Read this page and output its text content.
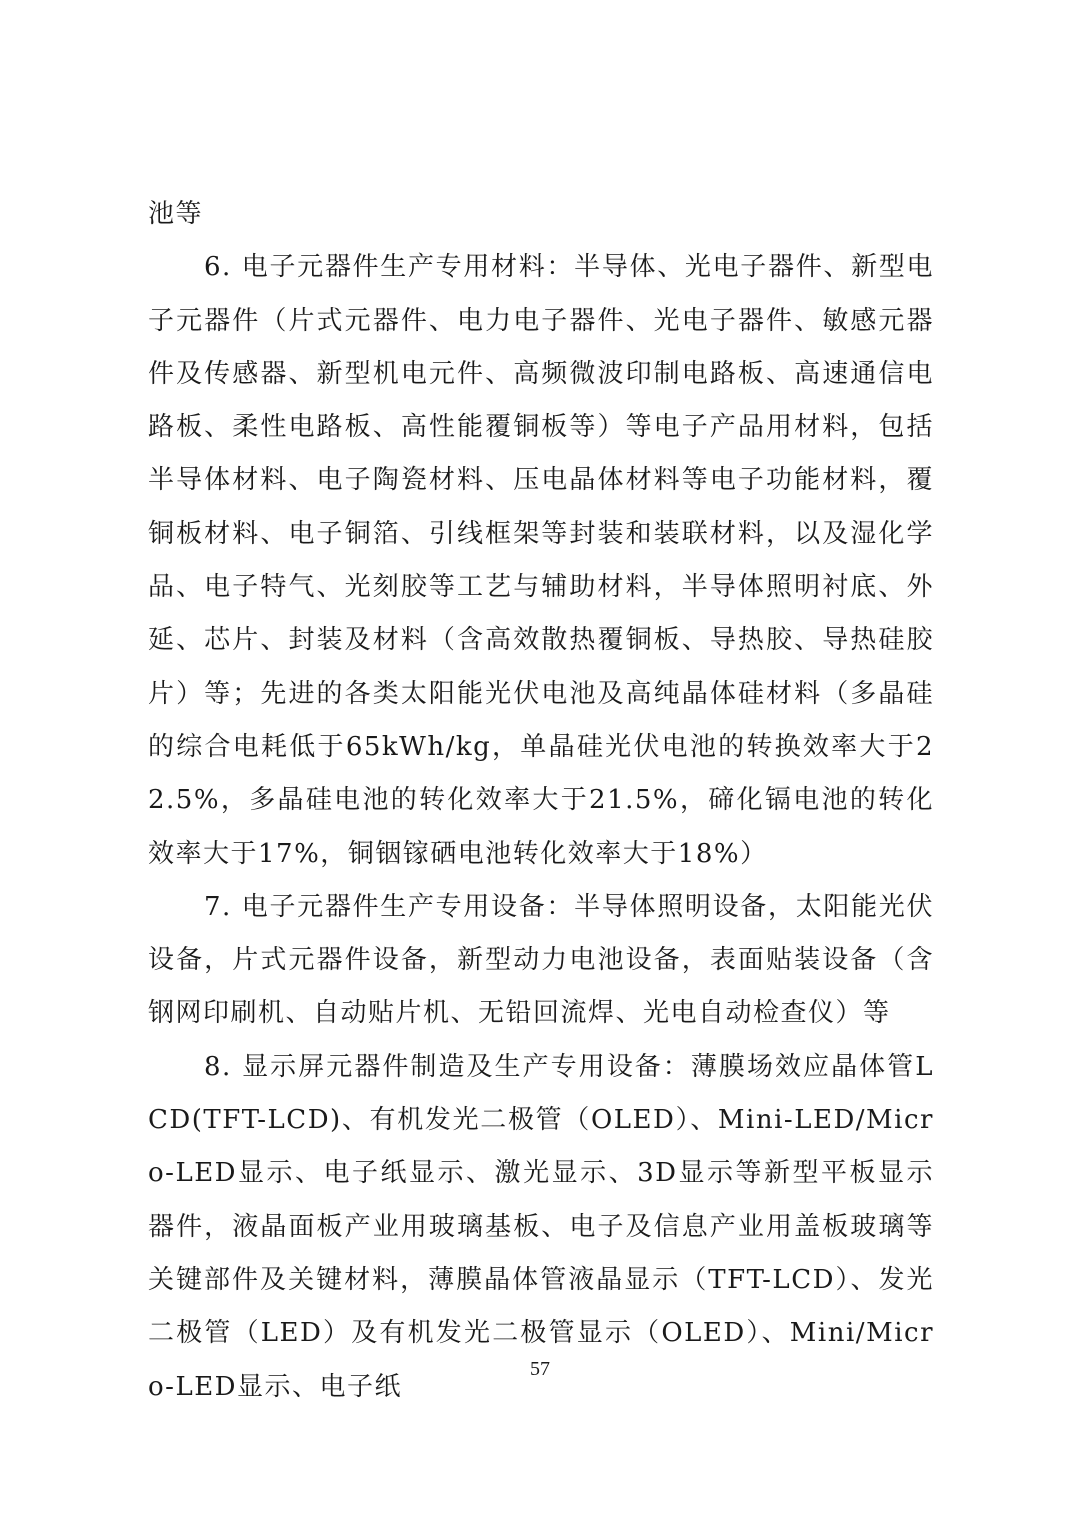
池等

6. 电子元器件生产专用材料：半导体、光电子器件、新型电子元器件（片式元器件、电力电子器件、光电子器件、敏感元器件及传感器、新型机电元件、高频微波印制电路板、高速通信电路板、柔性电路板、高性能覆铜板等）等电子产品用材料，包括半导体材料、电子陶瓷材料、压电晶体材料等电子功能材料，覆铜板材料、电子铜箔、引线框架等封装和装联材料，以及湿化学品、电子特气、光刻胶等工艺与辅助材料，半导体照明衬底、外延、芯片、封装及材料（含高效散热覆铜板、导热胶、导热硅胶片）等；先进的各类太阳能光伏电池及高纯晶体硅材料（多晶硅的综合电耗低于65kWh/kg，单晶硅光伏电池的转换效率大于22.5%，多晶硅电池的转化效率大于21.5%，碲化镉电池的转化效率大于17%，铜铟镓硒电池转化效率大于18%）

7. 电子元器件生产专用设备：半导体照明设备，太阳能光伏设备，片式元器件设备，新型动力电池设备，表面贴装设备（含钢网印刷机、自动贴片机、无铅回流焊、光电自动检查仪）等

8. 显示屏元器件制造及生产专用设备：薄膜场效应晶体管LCD(TFT-LCD)、有机发光二极管（OLED）、Mini-LED/Micro-LED显示、电子纸显示、激光显示、3D显示等新型平板显示器件，液晶面板产业用玻璃基板、电子及信息产业用盖板玻璃等关键部件及关键材料，薄膜晶体管液晶显示（TFT-LCD）、发光二极管（LED）及有机发光二极管显示（OLED）、Mini/Micro-LED显示、电子纸

57
